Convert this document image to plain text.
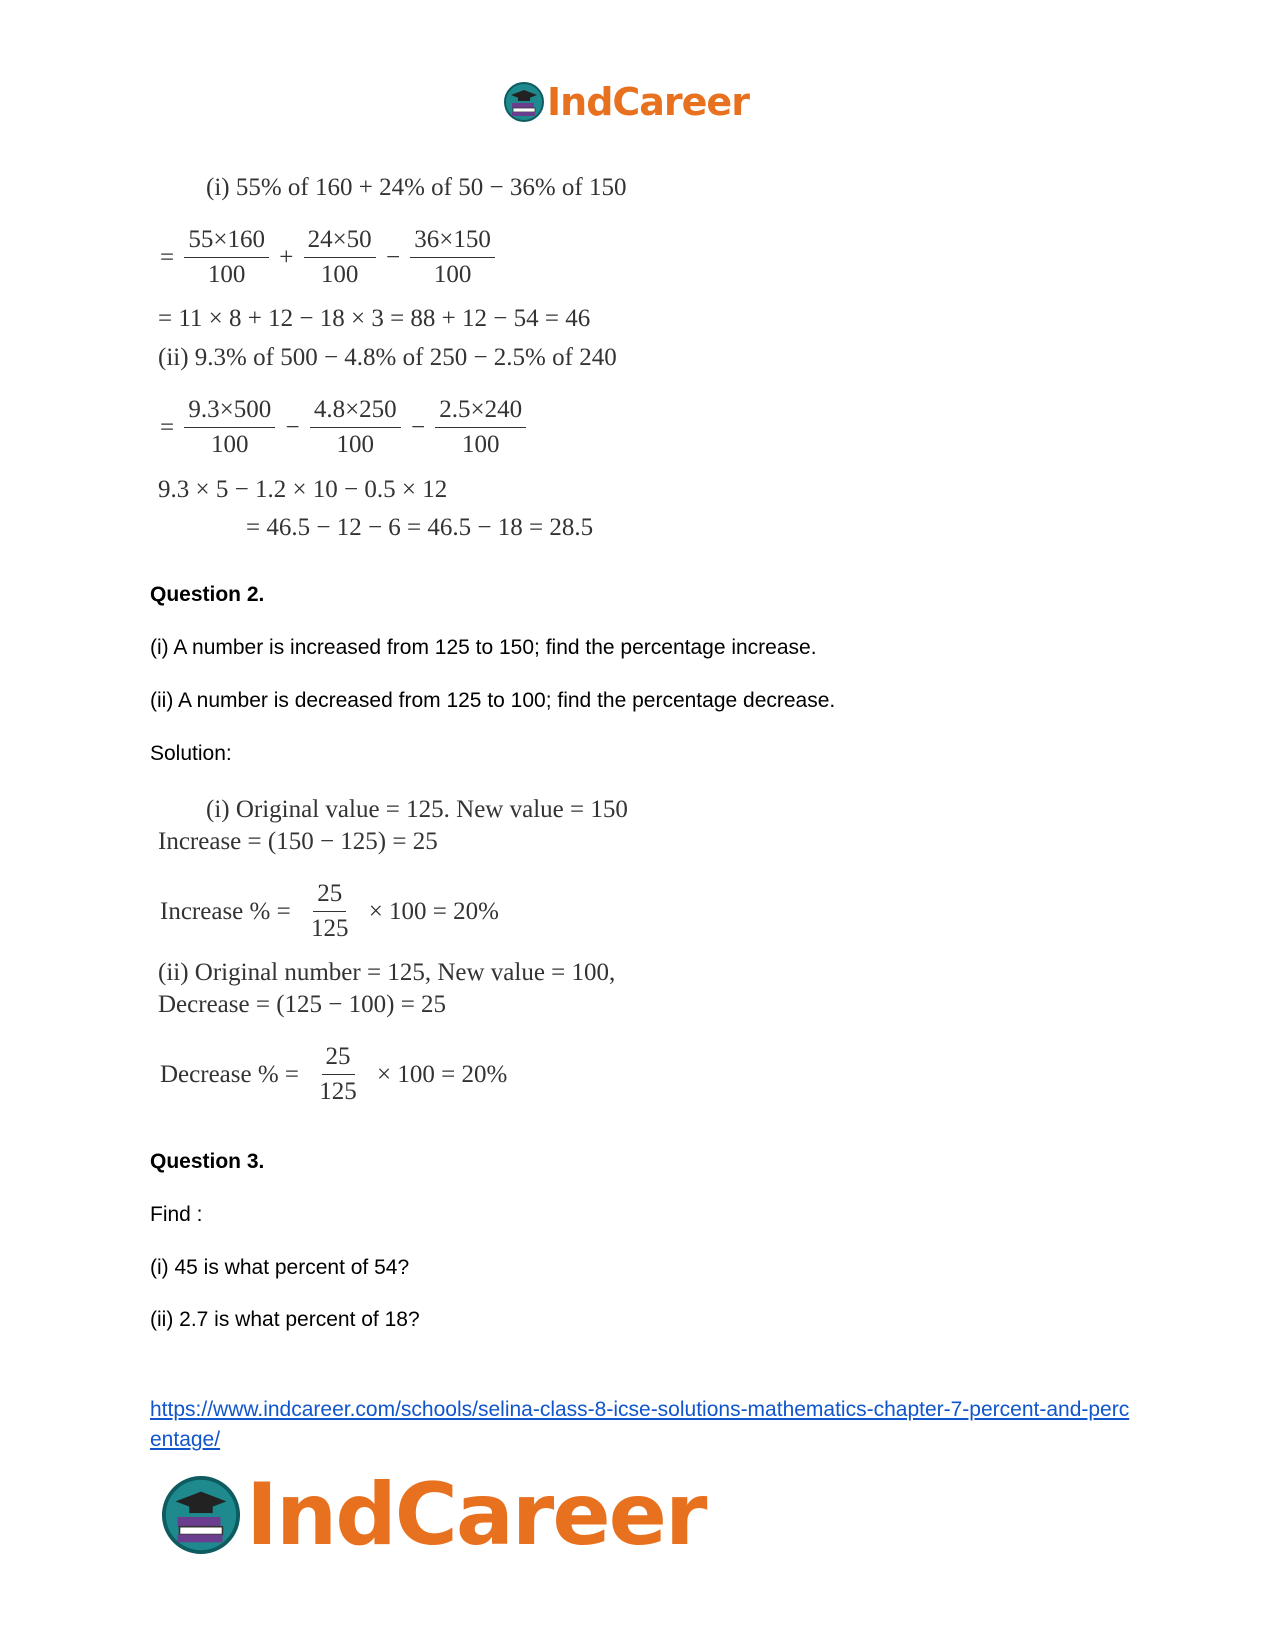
IndCareer
(i) 55% of 160 + 24% of 50 − 36% of 150
= $\frac{55\times 160}{100} + \frac{24\times 50}{100} - \frac{36\times 150}{100}$
= 11 × 8 + 12 − 18 × 3 = 88 + 12 − 54 = 46
(ii) 9.3% of 500 − 4.8% of 250 − 2.5% of 240
= $\frac{9.3\times 500}{100} - \frac{4.8\times 250}{100} - \frac{2.5\times 240}{100}$
9.3 × 5 − 1.2 × 10 − 0.5 × 12
= 46.5 − 12 − 6 = 46.5 − 18 = 28.5
Question 2.
(i) A number is increased from 125 to 150; find the percentage increase.
(ii) A number is decreased from 125 to 100; find the percentage decrease.
Solution:
(i) Original value = 125. New value = 150
Increase = (150 − 125) = 25
Increase % = $\frac{25}{125} \times 100 = 20\%$
(ii) Original number = 125, New value = 100,
Decrease = (125 − 100) = 25
Decrease % = $\frac{25}{125} \times 100 = 20\%$
Question 3.
Find :
(i) 45 is what percent of 54?
(ii) 2.7 is what percent of 18?
https://www.indcareer.com/schools/selina-class-8-icse-solutions-mathematics-chapter-7-percent-and-percentage/
IndCareer
